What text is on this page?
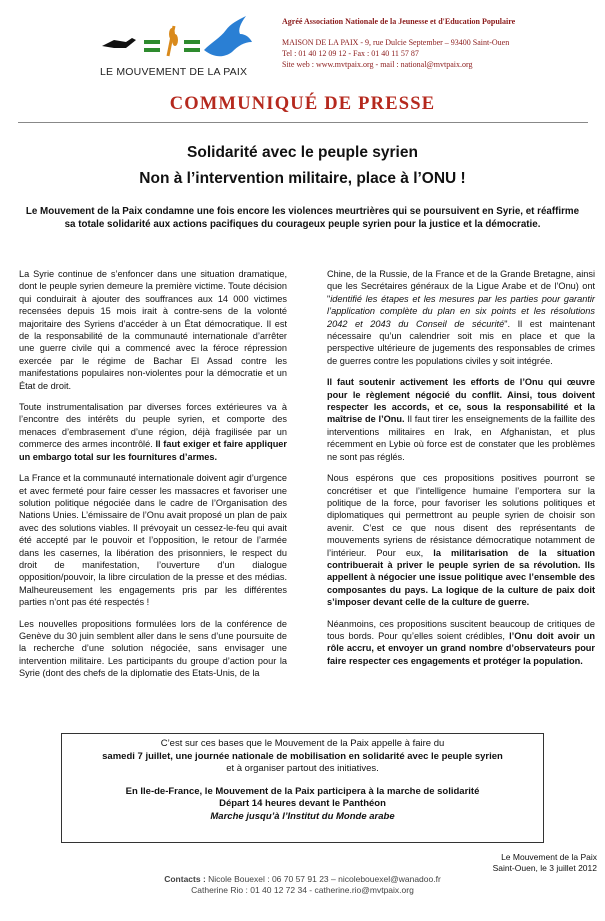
LE MOUVEMENT DE LA PAIX
Agréé Association Nationale de la Jeunesse et d'Education Populaire
MAISON DE LA PAIX - 9, rue Dulcie September – 93400 Saint-Ouen
Tel : 01 40 12 09 12 - Fax : 01 40 11 57 87
Site web : www.mvtpaix.org - mail : national@mvtpaix.org
COMMUNIQUÉ DE PRESSE
Solidarité avec le peuple syrien
Non à l’intervention militaire, place à l’ONU !
Le Mouvement de la Paix condamne une fois encore les violences meurtrières qui se poursuivent en Syrie, et réaffirme sa totale solidarité aux actions pacifiques du courageux peuple syrien pour la justice et la démocratie.

La Syrie continue de s’enfoncer dans une situation dramatique, dont le peuple syrien demeure la première victime. Toute décision qui conduirait à ajouter des souffrances aux 14 000 victimes recensées depuis 15 mois irait à contre-sens de la volonté majoritaire des Syriens d’accéder à un État démocratique. Il est de la responsabilité de la communauté internationale d’arrêter une guerre civile qui a commencé avec la féroce répression exercée par le régime de Bachar El Assad contre les manifestations populaires non-violentes pour la démocratie et un État de droit.

Toute instrumentalisation par diverses forces extérieures va à l’encontre des intérêts du peuple syrien, et comporte des menaces d’embrasement d’une région, déjà fragilisée par un commerce des armes incontrôlé. Il faut exiger et faire appliquer un embargo total sur les fournitures d’armes.

La France et la communauté internationale doivent agir d’urgence et avec fermeté pour faire cesser les massacres et favoriser une solution politique négociée dans le cadre de l’Organisation des Nations Unies. L’émissaire de l’Onu avait proposé un plan de paix avec des solutions viables. Il prévoyait un cessez-le-feu qui avait été accepté par le pouvoir et l’opposition, le retour de l’armée dans les casernes, la libération des prisonniers, le respect du droit de manifestation, l’ouverture d’un dialogue opposition/pouvoir, la libre circulation de la presse et des médias. Malheureusement les engagements pris par les différentes parties n’ont pas été respectés !

Les nouvelles propositions formulées lors de la conférence de Genève du 30 juin semblent aller dans le sens d’une poursuite de la recherche d’une solution négociée, sans envisager une intervention militaire. Les participants du groupe d’action pour la Syrie (dont des chefs de la diplomatie des Etats-Unis, de la

Chine, de la Russie, de la France et de la Grande Bretagne, ainsi que les Secrétaires généraux de la Ligue Arabe et de l’Onu) ont "identifié les étapes et les mesures par les parties pour garantir l’application complète du plan en six points et les résolutions 2042 et 2043 du Conseil de sécurité". Il est maintenant nécessaire qu’un calendrier soit mis en place et que la perspective ultérieure de jugements des responsables de crimes de guerres contre les populations civiles y soit intégrée.

Il faut soutenir activement les efforts de l’Onu qui œuvre pour le règlement négocié du conflit. Ainsi, tous doivent respecter les accords, et ce, sous la responsabilité et la maîtrise de l’Onu. Il faut tirer les enseignements de la faillite des interventions militaires en Irak, en Afghanistan, et plus récemment en Lybie où force est de constater que les problèmes ne sont pas réglés.

Nous espérons que ces propositions positives pourront se concrétiser et que l’intelligence humaine l’emportera sur la politique de la force, pour favoriser les solutions politiques et diplomatiques qui permettront au peuple syrien de choisir son avenir. C’est ce que nous disent des représentants de mouvements syriens de résistance démocratique notamment de l’intérieur. Pour eux, la militarisation de la situation contribuerait à priver le peuple syrien de sa révolution. Ils appellent à négocier une issue politique avec l’ensemble des composantes du pays. La logique de la culture de paix doit s’imposer devant celle de la culture de guerre.

Néanmoins, ces propositions suscitent beaucoup de critiques de tous bords. Pour qu’elles soient crédibles, l’Onu doit avoir un rôle accru, et envoyer un grand nombre d’observateurs pour faire respecter ces engagements et protéger la population.

C’est sur ces bases que le Mouvement de la Paix appelle à faire du
samedi 7 juillet, une journée nationale de mobilisation en solidarité avec le peuple syrien
et à organiser partout des initiatives.
En Ile-de-France, le Mouvement de la Paix participera à la marche de solidarité
Départ 14 heures devant le Panthéon
Marche jusqu’à l’Institut du Monde arabe
Le Mouvement de la Paix
Saint-Ouen, le 3 juillet 2012
Contacts : Nicole Bouexel : 06 70 57 91 23 – nicolebouexel@wanadoo.fr
Catherine Rio : 01 40 12 72 34 - catherine.rio@mvtpaix.org
